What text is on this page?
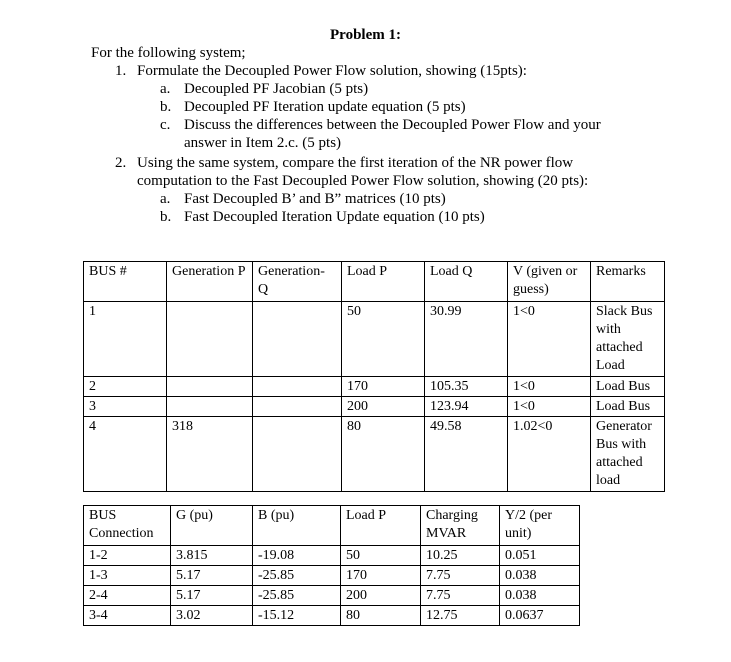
Problem 1:
For the following system;
1. Formulate the Decoupled Power Flow solution, showing (15pts):
a. Decoupled PF Jacobian (5 pts)
b. Decoupled PF Iteration update equation (5 pts)
c. Discuss the differences between the Decoupled Power Flow and your
answer in Item 2.c. (5 pts)
2. Using the same system, compare the first iteration of the NR power flow
computation to the Fast Decoupled Power Flow solution, showing (20 pts):
a. Fast Decoupled B’ and B” matrices (10 pts)
b. Fast Decoupled Iteration Update equation (10 pts)
BUS #	Generation P	Generation- Q	Load P	Load Q	V (given or guess)	Remarks
1			50	30.99	1<0	Slack Bus with attached Load
2			170	105.35	1<0	Load Bus
3			200	123.94	1<0	Load Bus
4	318		80	49.58	1.02<0	Generator Bus with attached load
BUS Connection	G (pu)	B (pu)	Load P	Charging MVAR	Y/2 (per unit)
1-2	3.815	-19.08	50	10.25	0.051
1-3	5.17	-25.85	170	7.75	0.038
2-4	5.17	-25.85	200	7.75	0.038
3-4	3.02	-15.12	80	12.75	0.0637
